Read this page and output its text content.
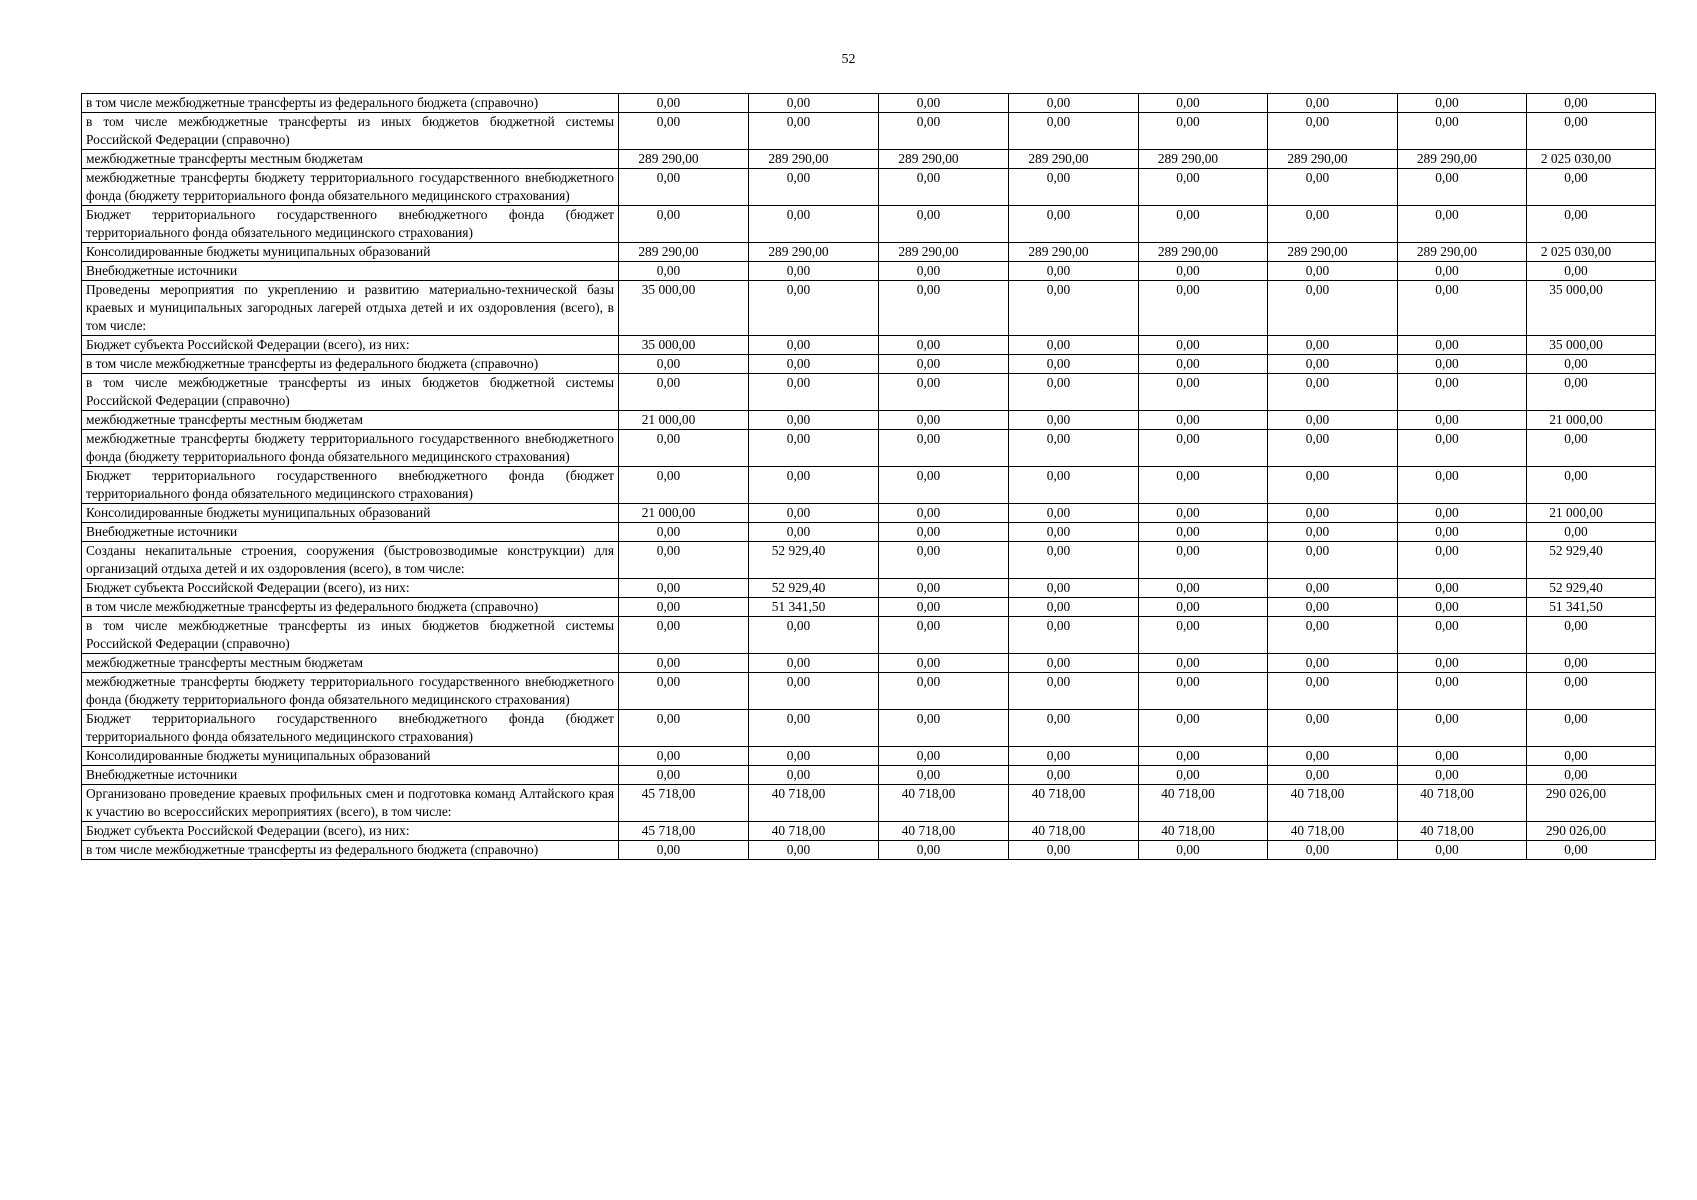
52
в том числе межбюджетные трансферты из федерального бюджета (справочно)	0,00	0,00	0,00	0,00	0,00	0,00	0,00	0,00
в том числе межбюджетные трансферты из иных бюджетов бюджетной системы Российской Федерации (справочно)	0,00	0,00	0,00	0,00	0,00	0,00	0,00	0,00
межбюджетные трансферты местным бюджетам	289 290,00	289 290,00	289 290,00	289 290,00	289 290,00	289 290,00	289 290,00	2 025 030,00
межбюджетные трансферты бюджету территориального государственного внебюджетного фонда (бюджету территориального фонда обязательного медицинского страхования)	0,00	0,00	0,00	0,00	0,00	0,00	0,00	0,00
Бюджет территориального государственного внебюджетного фонда (бюджет территориального фонда обязательного медицинского страхования)	0,00	0,00	0,00	0,00	0,00	0,00	0,00	0,00
Консолидированные бюджеты муниципальных образований	289 290,00	289 290,00	289 290,00	289 290,00	289 290,00	289 290,00	289 290,00	2 025 030,00
Внебюджетные источники	0,00	0,00	0,00	0,00	0,00	0,00	0,00	0,00
Проведены мероприятия по укреплению и развитию материально-технической базы краевых и муниципальных загородных лагерей отдыха детей и их оздоровления (всего), в том числе:	35 000,00	0,00	0,00	0,00	0,00	0,00	0,00	35 000,00
Бюджет субъекта Российской Федерации (всего), из них:	35 000,00	0,00	0,00	0,00	0,00	0,00	0,00	35 000,00
в том числе межбюджетные трансферты из федерального бюджета (справочно)	0,00	0,00	0,00	0,00	0,00	0,00	0,00	0,00
в том числе межбюджетные трансферты из иных бюджетов бюджетной системы Российской Федерации (справочно)	0,00	0,00	0,00	0,00	0,00	0,00	0,00	0,00
межбюджетные трансферты местным бюджетам	21 000,00	0,00	0,00	0,00	0,00	0,00	0,00	21 000,00
межбюджетные трансферты бюджету территориального государственного внебюджетного фонда (бюджету территориального фонда обязательного медицинского страхования)	0,00	0,00	0,00	0,00	0,00	0,00	0,00	0,00
Бюджет территориального государственного внебюджетного фонда (бюджет территориального фонда обязательного медицинского страхования)	0,00	0,00	0,00	0,00	0,00	0,00	0,00	0,00
Консолидированные бюджеты муниципальных образований	21 000,00	0,00	0,00	0,00	0,00	0,00	0,00	21 000,00
Внебюджетные источники	0,00	0,00	0,00	0,00	0,00	0,00	0,00	0,00
Созданы некапитальные строения, сооружения (быстровозводимые конструкции) для организаций отдыха детей и их оздоровления (всего), в том числе:	0,00	52 929,40	0,00	0,00	0,00	0,00	0,00	52 929,40
Бюджет субъекта Российской Федерации (всего), из них:	0,00	52 929,40	0,00	0,00	0,00	0,00	0,00	52 929,40
в том числе межбюджетные трансферты из федерального бюджета (справочно)	0,00	51 341,50	0,00	0,00	0,00	0,00	0,00	51 341,50
в том числе межбюджетные трансферты из иных бюджетов бюджетной системы Российской Федерации (справочно)	0,00	0,00	0,00	0,00	0,00	0,00	0,00	0,00
межбюджетные трансферты местным бюджетам	0,00	0,00	0,00	0,00	0,00	0,00	0,00	0,00
межбюджетные трансферты бюджету территориального государственного внебюджетного фонда (бюджету территориального фонда обязательного медицинского страхования)	0,00	0,00	0,00	0,00	0,00	0,00	0,00	0,00
Бюджет территориального государственного внебюджетного фонда (бюджет территориального фонда обязательного медицинского страхования)	0,00	0,00	0,00	0,00	0,00	0,00	0,00	0,00
Консолидированные бюджеты муниципальных образований	0,00	0,00	0,00	0,00	0,00	0,00	0,00	0,00
Внебюджетные источники	0,00	0,00	0,00	0,00	0,00	0,00	0,00	0,00
Организовано проведение краевых профильных смен и подготовка команд Алтайского края к участию во всероссийских мероприятиях (всего), в том числе:	45 718,00	40 718,00	40 718,00	40 718,00	40 718,00	40 718,00	40 718,00	290 026,00
Бюджет субъекта Российской Федерации (всего), из них:	45 718,00	40 718,00	40 718,00	40 718,00	40 718,00	40 718,00	40 718,00	290 026,00
в том числе межбюджетные трансферты из федерального бюджета (справочно)	0,00	0,00	0,00	0,00	0,00	0,00	0,00	0,00
